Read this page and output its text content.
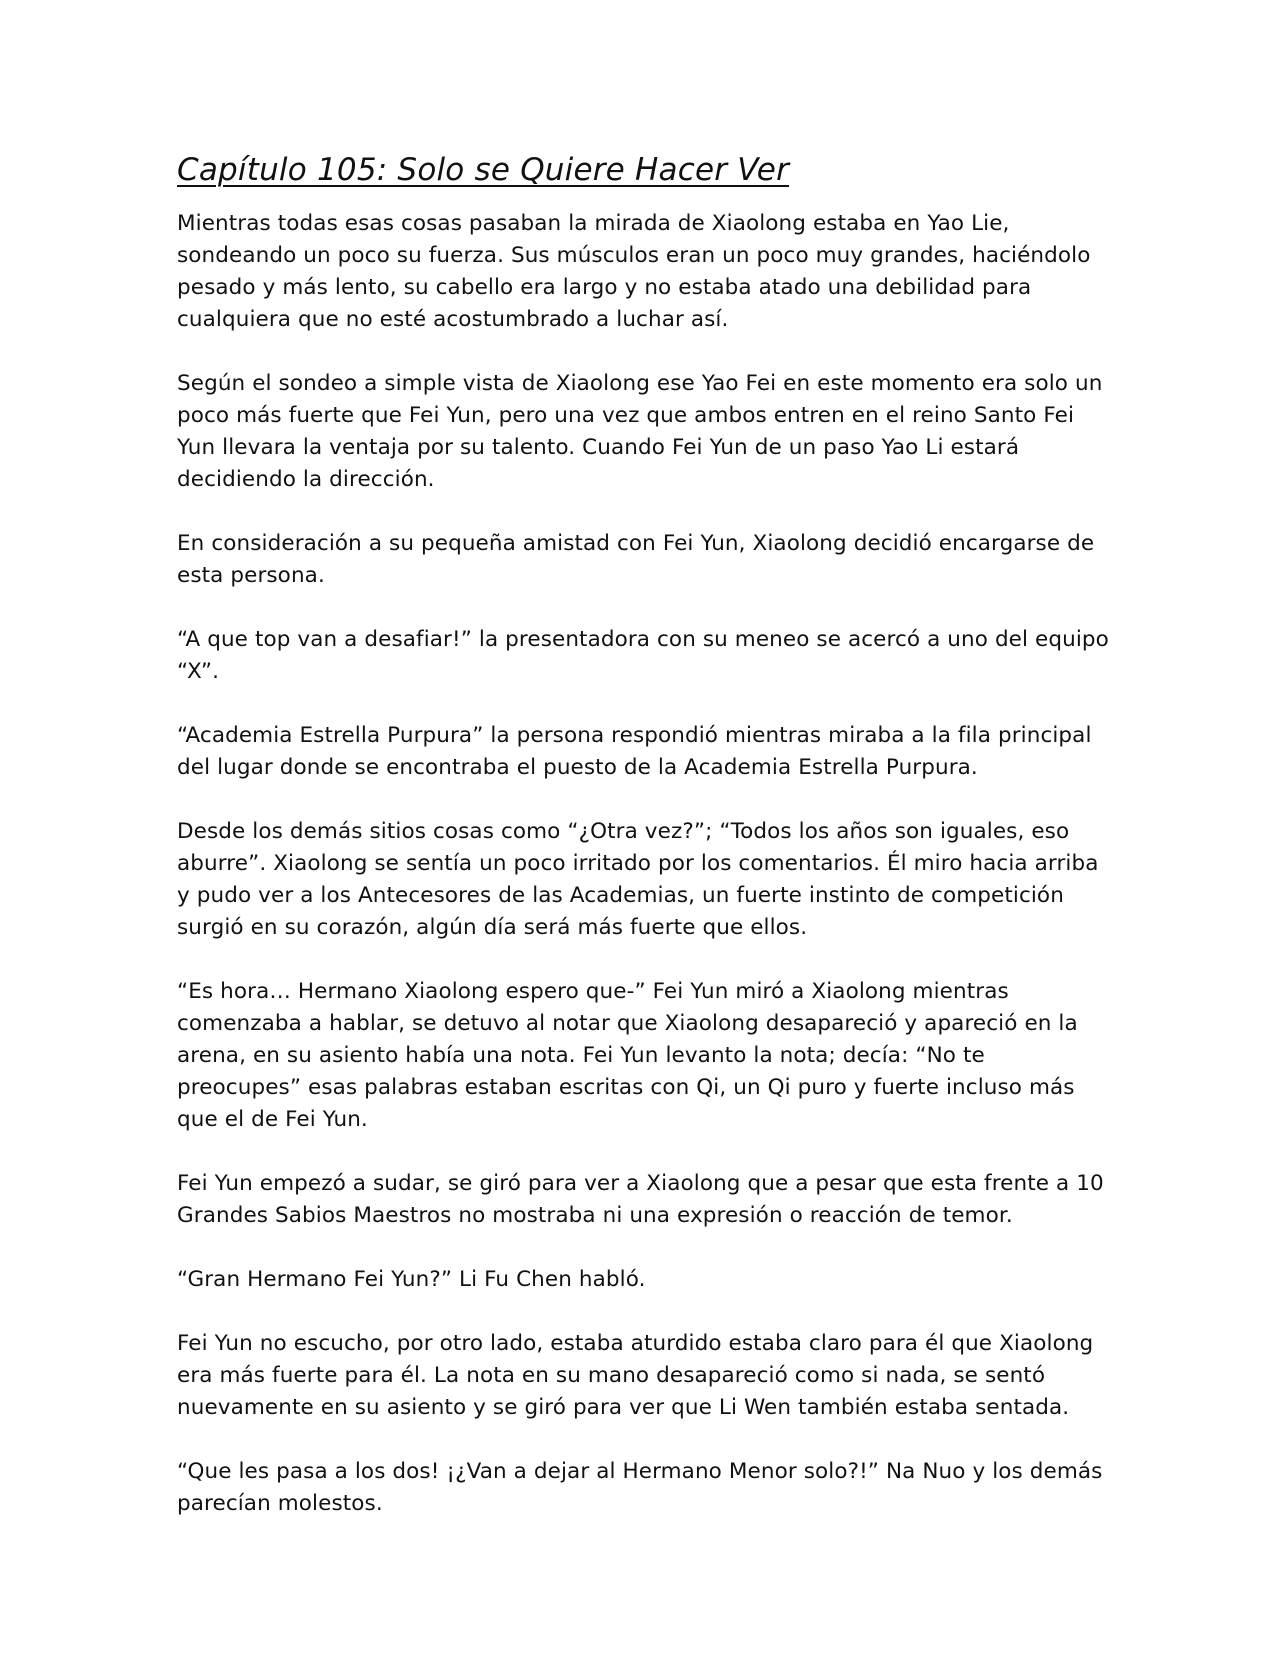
Capítulo 105: Solo se Quiere Hacer Ver

Mientras todas esas cosas pasaban la mirada de Xiaolong estaba en Yao Lie, sondeando un poco su fuerza. Sus músculos eran un poco muy grandes, haciéndolo pesado y más lento, su cabello era largo y no estaba atado una debilidad para cualquiera que no esté acostumbrado a luchar así.

Según el sondeo a simple vista de Xiaolong ese Yao Fei en este momento era solo un poco más fuerte que Fei Yun, pero una vez que ambos entren en el reino Santo Fei Yun llevara la ventaja por su talento. Cuando Fei Yun de un paso Yao Li estará decidiendo la dirección.

En consideración a su pequeña amistad con Fei Yun, Xiaolong decidió encargarse de esta persona.

“A que top van a desafiar!” la presentadora con su meneo se acercó a uno del equipo “X”.

“Academia Estrella Purpura” la persona respondió mientras miraba a la fila principal del lugar donde se encontraba el puesto de la Academia Estrella Purpura.

Desde los demás sitios cosas como “¿Otra vez?”; “Todos los años son iguales, eso aburre”. Xiaolong se sentía un poco irritado por los comentarios. Él miro hacia arriba y pudo ver a los Antecesores de las Academias, un fuerte instinto de competición surgió en su corazón, algún día será más fuerte que ellos.

“Es hora… Hermano Xiaolong espero que-” Fei Yun miró a Xiaolong mientras comenzaba a hablar, se detuvo al notar que Xiaolong desapareció y apareció en la arena, en su asiento había una nota. Fei Yun levanto la nota; decía: “No te preocupes” esas palabras estaban escritas con Qi, un Qi puro y fuerte incluso más que el de Fei Yun.

Fei Yun empezó a sudar, se giró para ver a Xiaolong que a pesar que esta frente a 10 Grandes Sabios Maestros no mostraba ni una expresión o reacción de temor.

“Gran Hermano Fei Yun?” Li Fu Chen habló.

Fei Yun no escucho, por otro lado, estaba aturdido estaba claro para él que Xiaolong era más fuerte para él. La nota en su mano desapareció como si nada, se sentó nuevamente en su asiento y se giró para ver que Li Wen también estaba sentada.

“Que les pasa a los dos! ¡¿Van a dejar al Hermano Menor solo?!” Na Nuo y los demás parecían molestos.
